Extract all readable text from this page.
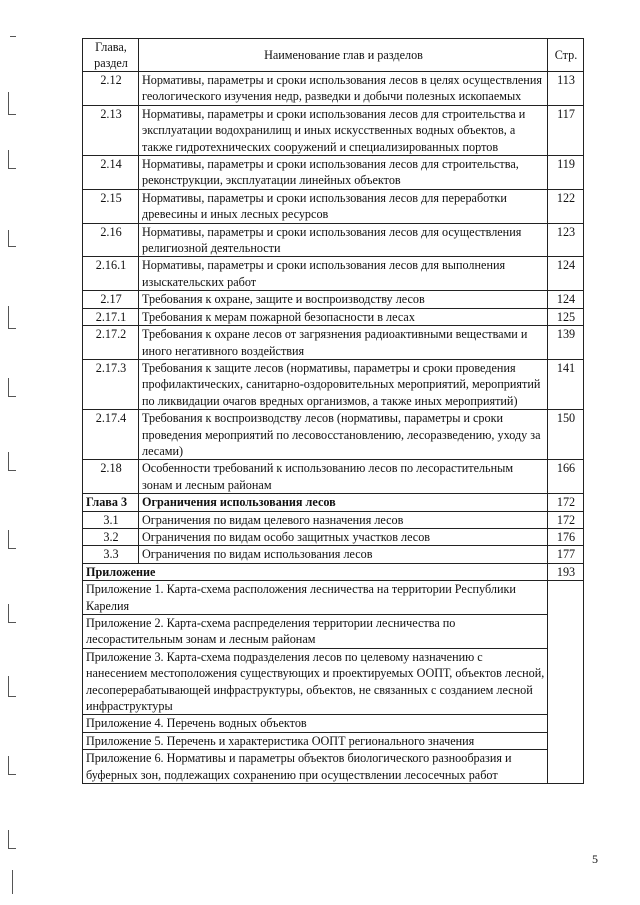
Глава, раздел	Наименование глав и разделов	Стр.
2.12	Нормативы, параметры и сроки использования лесов в целях осуществления геологического изучения недр, разведки и добычи полезных ископаемых	113
2.13	Нормативы, параметры и сроки использования лесов для строительства и эксплуатации водохранилищ и иных искусственных водных объектов, а также гидротехнических сооружений и специализированных портов	117
2.14	Нормативы, параметры и сроки использования лесов для строительства, реконструкции, эксплуатации линейных объектов	119
2.15	Нормативы, параметры и сроки использования лесов для переработки древесины и иных лесных ресурсов	122
2.16	Нормативы, параметры и сроки использования лесов для осуществления религиозной деятельности	123
2.16.1	Нормативы, параметры и сроки использования лесов для выполнения изыскательских работ	124
2.17	Требования к охране, защите и воспроизводству лесов	124
2.17.1	Требования к мерам пожарной безопасности в лесах	125
2.17.2	Требования к охране лесов от загрязнения радиоактивными веществами и иного негативного воздействия	139
2.17.3	Требования к защите лесов (нормативы, параметры и сроки проведения профилактических, санитарно-оздоровительных мероприятий, мероприятий по ликвидации очагов вредных организмов, а также иных мероприятий)	141
2.17.4	Требования к воспроизводству лесов (нормативы, параметры и сроки проведения мероприятий по лесовосстановлению, лесоразведению, уходу за лесами)	150
2.18	Особенности требований к использованию лесов по лесорастительным зонам и лесным районам	166
Глава 3	Ограничения использования лесов	172
3.1	Ограничения по видам целевого назначения лесов	172
3.2	Ограничения по видам особо защитных участков лесов	176
3.3	Ограничения по видам использования лесов	177
Приложение		193
Приложение 1. Карта-схема расположения лесничества на территории Республики Карелия		
Приложение 2. Карта-схема распределения территории лесничества по лесорастительным зонам и лесным районам		
Приложение 3. Карта-схема подразделения лесов по целевому назначению с нанесением местоположения существующих и проектируемых ООПТ, объектов лесной, лесоперерабатывающей инфраструктуры, объектов, не связанных с созданием лесной инфраструктуры		
Приложение 4. Перечень водных объектов		
Приложение 5. Перечень и характеристика ООПТ регионального значения		
Приложение 6. Нормативы и параметры объектов биологического разнообразия и буферных зон, подлежащих сохранению при осуществлении лесосечных работ		
5
